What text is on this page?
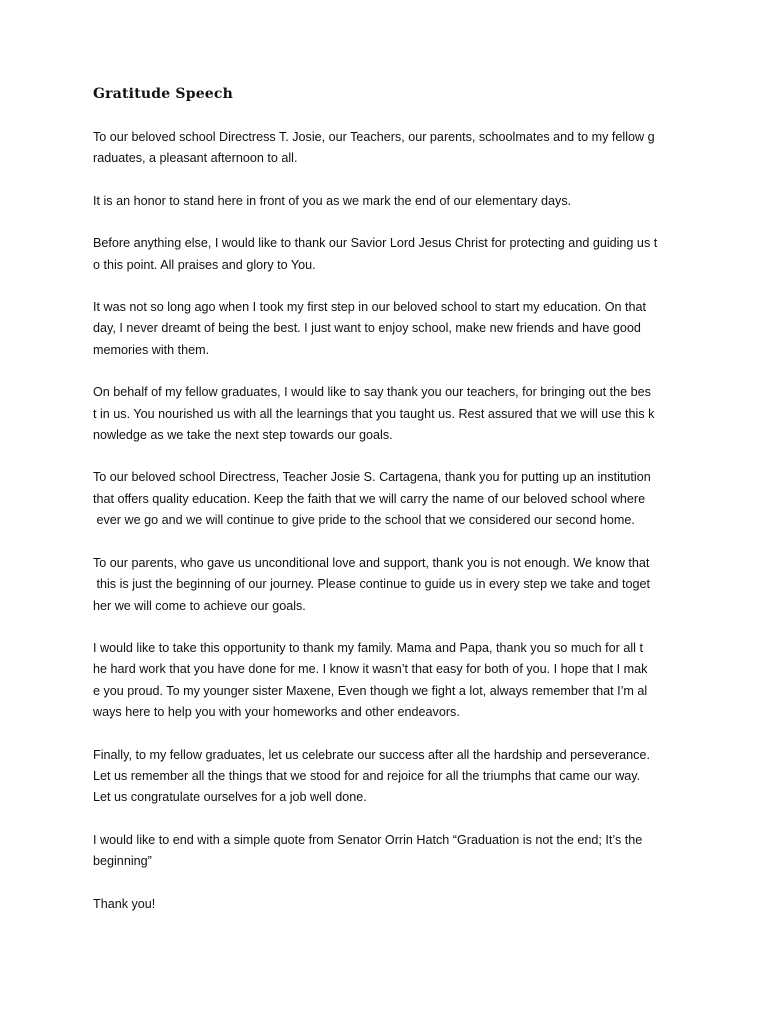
Gratitude Speech
To our beloved school Directress T. Josie, our Teachers, our parents, schoolmates and to my fellow g
raduates, a pleasant afternoon to all.
It is an honor to stand here in front of you as we mark the end of our elementary days.
Before anything else, I would like to thank our Savior Lord Jesus Christ for protecting and guiding us t
o this point. All praises and glory to You.
It was not so long ago when I took my first step in our beloved school to start my education. On that
day, I never dreamt of being the best. I just want to enjoy school, make new friends and have good
memories with them.
On behalf of my fellow graduates, I would like to say thank you our teachers, for bringing out the bes
t in us. You nourished us with all the learnings that you taught us. Rest assured that we will use this k
nowledge as we take the next step towards our goals.
To our beloved school Directress, Teacher Josie S. Cartagena, thank you for putting up an institution
that offers quality education. Keep the faith that we will carry the name of our beloved school where
ever we go and we will continue to give pride to the school that we considered our second home.
To our parents, who gave us unconditional love and support, thank you is not enough. We know that
this is just the beginning of our journey. Please continue to guide us in every step we take and toget
her we will come to achieve our goals.
I would like to take this opportunity to thank my family. Mama and Papa, thank you so much for all t
he hard work that you have done for me. I know it wasn’t that easy for both of you. I hope that I mak
e you proud. To my younger sister Maxene, Even though we fight a lot, always remember that I’m al
ways here to help you with your homeworks and other endeavors.
Finally, to my fellow graduates, let us celebrate our success after all the hardship and perseverance.
Let us remember all the things that we stood for and rejoice for all the triumphs that came our way.
Let us congratulate ourselves for a job well done.
I would like to end with a simple quote from Senator Orrin Hatch “Graduation is not the end; It’s the
beginning”
Thank you!
